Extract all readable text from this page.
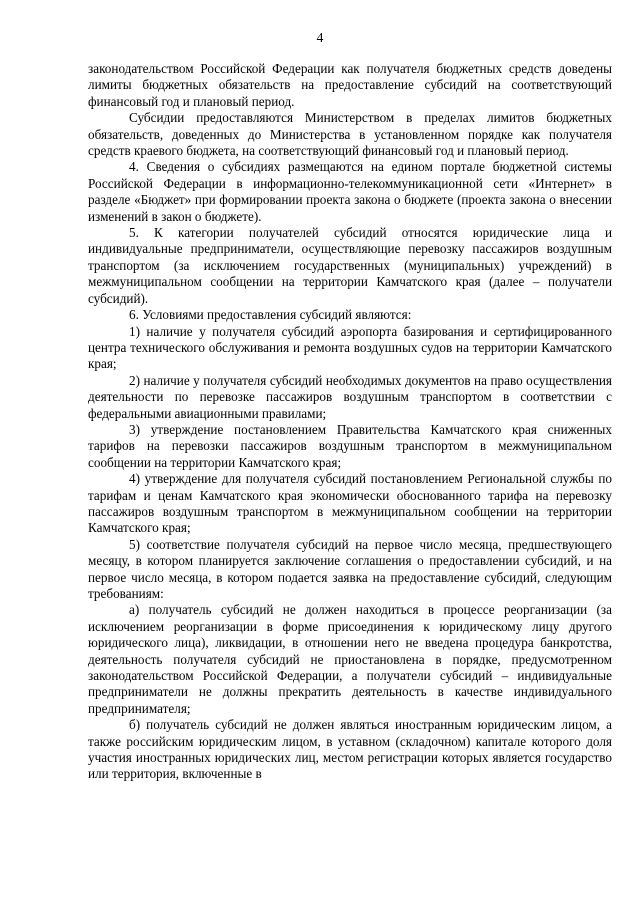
4

законодательством Российской Федерации как получателя бюджетных средств доведены лимиты бюджетных обязательств на предоставление субсидий на соответствующий финансовый год и плановый период.

Субсидии предоставляются Министерством в пределах лимитов бюджетных обязательств, доведенных до Министерства в установленном порядке как получателя средств краевого бюджета, на соответствующий финансовый год и плановый период.

4. Сведения о субсидиях размещаются на едином портале бюджетной системы Российской Федерации в информационно-телекоммуникационной сети «Интернет» в разделе «Бюджет» при формировании проекта закона о бюджете (проекта закона о внесении изменений в закон о бюджете).

5. К категории получателей субсидий относятся юридические лица и индивидуальные предприниматели, осуществляющие перевозку пассажиров воздушным транспортом (за исключением государственных (муниципальных) учреждений) в межмуниципальном сообщении на территории Камчатского края (далее – получатели субсидий).

6. Условиями предоставления субсидий являются:

1) наличие у получателя субсидий аэропорта базирования и сертифицированного центра технического обслуживания и ремонта воздушных судов на территории Камчатского края;

2) наличие у получателя субсидий необходимых документов на право осуществления деятельности по перевозке пассажиров воздушным транспортом в соответствии с федеральными авиационными правилами;

3) утверждение постановлением Правительства Камчатского края сниженных тарифов на перевозки пассажиров воздушным транспортом в межмуниципальном сообщении на территории Камчатского края;

4) утверждение для получателя субсидий постановлением Региональной службы по тарифам и ценам Камчатского края экономически обоснованного тарифа на перевозку пассажиров воздушным транспортом в межмуниципальном сообщении на территории Камчатского края;

5) соответствие получателя субсидий на первое число месяца, предшествующего месяцу, в котором планируется заключение соглашения о предоставлении субсидий, и на первое число месяца, в котором подается заявка на предоставление субсидий, следующим требованиям:

а) получатель субсидий не должен находиться в процессе реорганизации (за исключением реорганизации в форме присоединения к юридическому лицу другого юридического лица), ликвидации, в отношении него не введена процедура банкротства, деятельность получателя субсидий не приостановлена в порядке, предусмотренном законодательством Российской Федерации, а получатели субсидий – индивидуальные предприниматели не должны прекратить деятельность в качестве индивидуального предпринимателя;

б) получатель субсидий не должен являться иностранным юридическим лицом, а также российским юридическим лицом, в уставном (складочном) капитале которого доля участия иностранных юридических лиц, местом регистрации которых является государство или территория, включенные в
